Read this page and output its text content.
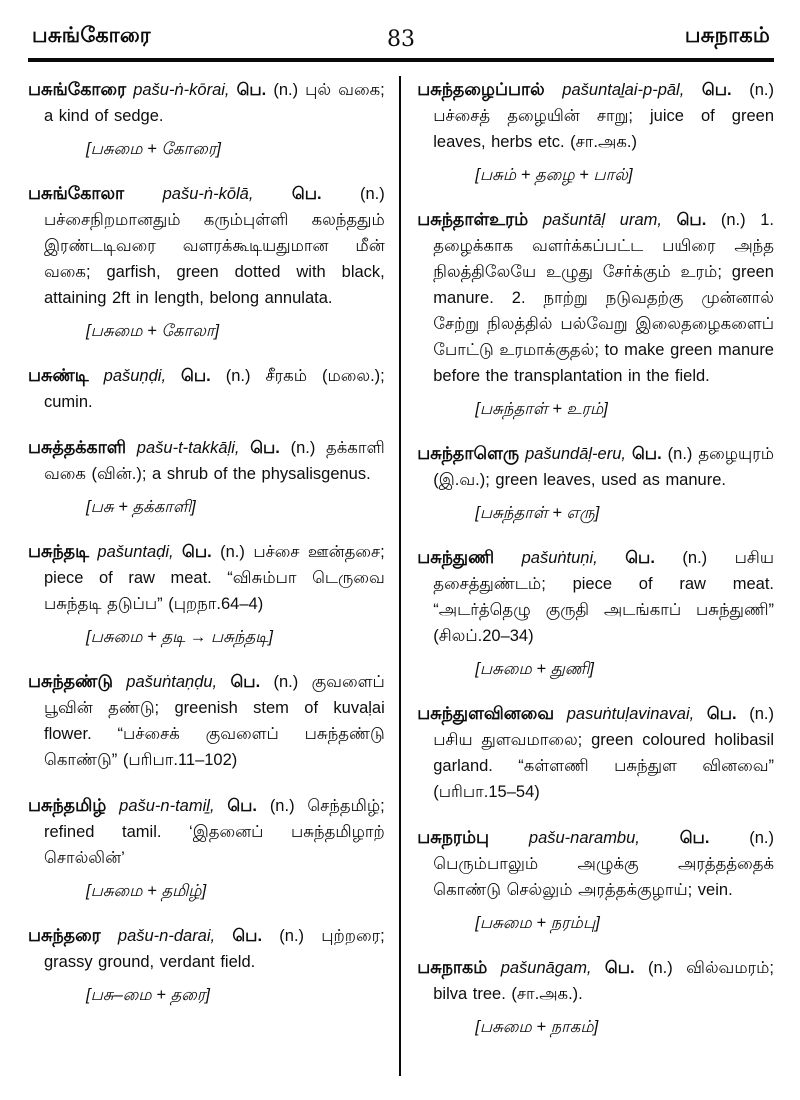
பசுங்கோரை	83	பசுநாகம்

பசுங்கோரை pašu-ṅ-kōrai, பெ. (n.) புல் வகை; a kind of sedge.

[பசுமை + கோரை]

பசுங்கோலா pašu-ṅ-kōlā, பெ. (n.) பச்சைநிறமானதும் கரும்புள்ளி கலந்ததும் இரண்டடிவரை வளரக்கூடியதுமான மீன் வகை; garfish, green dotted with black, attaining 2ft in length, belong annulata.

[பசுமை + கோலா]

பசுண்டி pašuṇḍi, பெ. (n.) சீரகம் (மலை.); cumin.

பசுத்தக்காளி pašu-t-takkāḷi, பெ. (n.) தக்காளி வகை (வின்.); a shrub of the physalisgenus.

[பசு + தக்காளி]

பசுந்தடி pašuntaḍi, பெ. (n.) பச்சை ஊன்தசை; piece of raw meat. “விசும்பா டெருவை பசுந்தடி தடுப்ப” (புறநா.64–4)

[பசுமை + தடி → பசுந்தடி]

பசுந்தண்டு pašuṅtaṇḍu, பெ. (n.) குவளைப் பூவின் தண்டு; greenish stem of kuvaḷai flower. “பச்சைக் குவளைப் பசுந்தண்டு கொண்டு” (பரிபா.11–102)

பசுந்தமிழ் pašu-n-tamiḻ, பெ. (n.) செந்தமிழ்; refined tamil. ‘இதனைப் பசுந்தமிழாற் சொல்லின்’

[பசுமை + தமிழ்]

பசுந்தரை pašu-n-darai, பெ. (n.) புற்றரை; grassy ground, verdant field.

[பசு–மை + தரை]

பசுந்தழைப்பால் pašuntaḻai-p-pāl, பெ. (n.) பச்சைத் தழையின் சாறு; juice of green leaves, herbs etc. (சா.அக.)

[பசும் + தழை + பால்]

பசுந்தாள்உரம் pašuntāḷ uram, பெ. (n.) 1. தழைக்காக வளர்க்கப்பட்ட பயிரை அந்த நிலத்திலேயே உழுது சேர்க்கும் உரம்; green manure. 2. நாற்று நடுவதற்கு முன்னால் சேற்று நிலத்தில் பல்வேறு இலைதழைகளைப் போட்டு உரமாக்குதல்; to make green manure before the transplantation in the field.

[பசுந்தாள் + உரம்]

பசுந்தாளெரு pašundāḷ-eru, பெ. (n.) தழையுரம் (இ.வ.); green leaves, used as manure.

[பசுந்தாள் + எரு]

பசுந்துணி pašuṅtuṇi, பெ. (n.) பசிய தசைத்துண்டம்; piece of raw meat. “அடர்த்தெழு குருதி அடங்காப் பசுந்துணி” (சிலப்.20–34)

[பசுமை + துணி]

பசுந்துளவினவை pasuṅtuḷavinavai, பெ. (n.) பசிய துளவமாலை; green coloured holibasil garland. “கள்ளணி பசுந்துள வினவை” (பரிபா.15–54)

பசுநரம்பு pašu-narambu, பெ. (n.) பெரும்பாலும் அழுக்கு அரத்தத்தைக் கொண்டு செல்லும் அரத்தக்குழாய்; vein.

[பசுமை + நரம்பு]

பசுநாகம் pašunāgam, பெ. (n.) வில்வமரம்; bilva tree. (சா.அக.).

[பசுமை + நாகம்]
